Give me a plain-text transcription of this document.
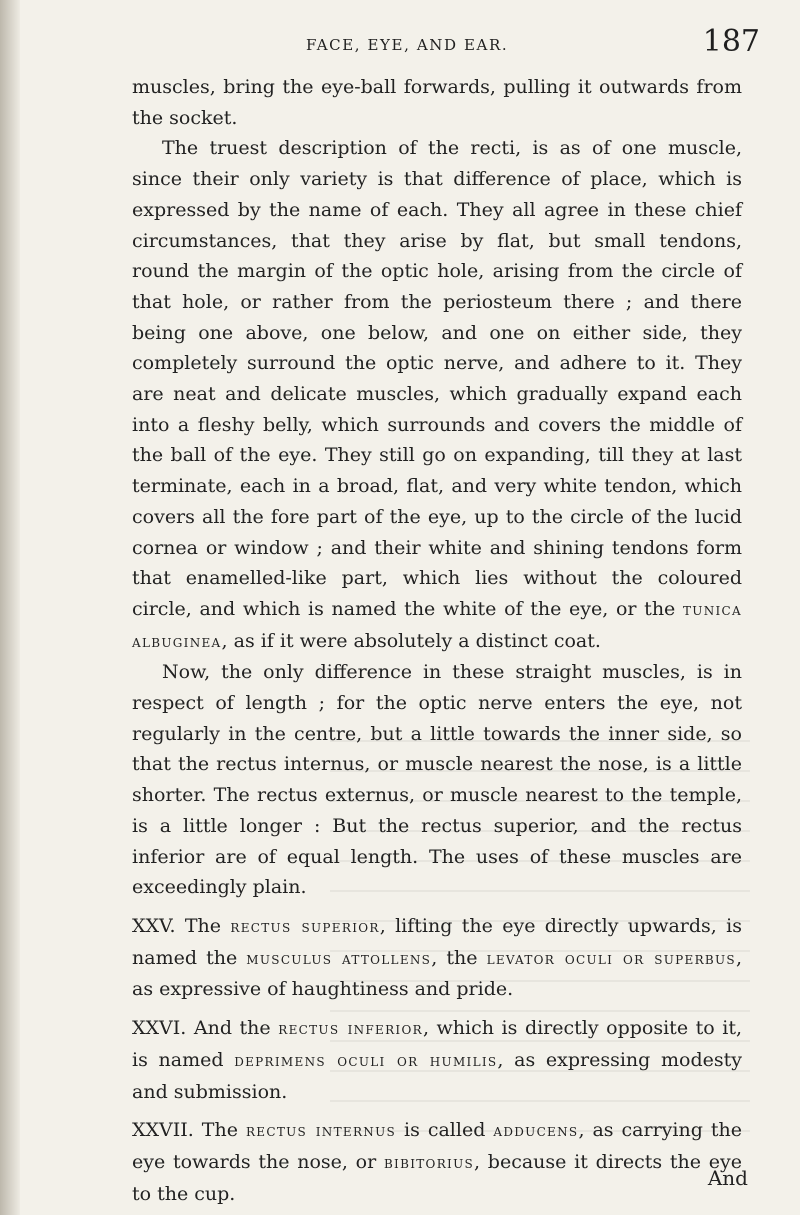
FACE, EYE, AND EAR.	187

muscles, bring the eye-ball forwards, pulling it outwards from the socket.

The truest description of the recti, is as of one muscle, since their only variety is that difference of place, which is expressed by the name of each. They all agree in these chief circumstances, that they arise by flat, but small tendons, round the margin of the optic hole, arising from the circle of that hole, or rather from the periosteum there ; and there being one above, one below, and one on either side, they completely surround the optic nerve, and adhere to it. They are neat and delicate muscles, which gradually expand each into a fleshy belly, which surrounds and covers the middle of the ball of the eye. They still go on expanding, till they at last terminate, each in a broad, flat, and very white tendon, which covers all the fore part of the eye, up to the circle of the lucid cornea or window ; and their white and shining tendons form that enamelled-like part, which lies without the coloured circle, and which is named the white of the eye, or the tunica albuginea, as if it were absolutely a distinct coat.

Now, the only difference in these straight muscles, is in respect of length ; for the optic nerve enters the eye, not regularly in the centre, but a little towards the inner side, so that the rectus internus, or muscle nearest the nose, is a little shorter. The rectus externus, or muscle nearest to the temple, is a little longer : But the rectus superior, and the rectus inferior are of equal length. The uses of these muscles are exceedingly plain.

XXV. The rectus superior, lifting the eye directly upwards, is named the musculus attollens, the levator oculi or superbus, as expressive of haughtiness and pride.

XXVI. And the rectus inferior, which is directly opposite to it, is named deprimens oculi or humilis, as expressing modesty and submission.

XXVII. The rectus internus is called adducens, as carrying the eye towards the nose, or bibitorius, because it directs the eye to the cup.

And
